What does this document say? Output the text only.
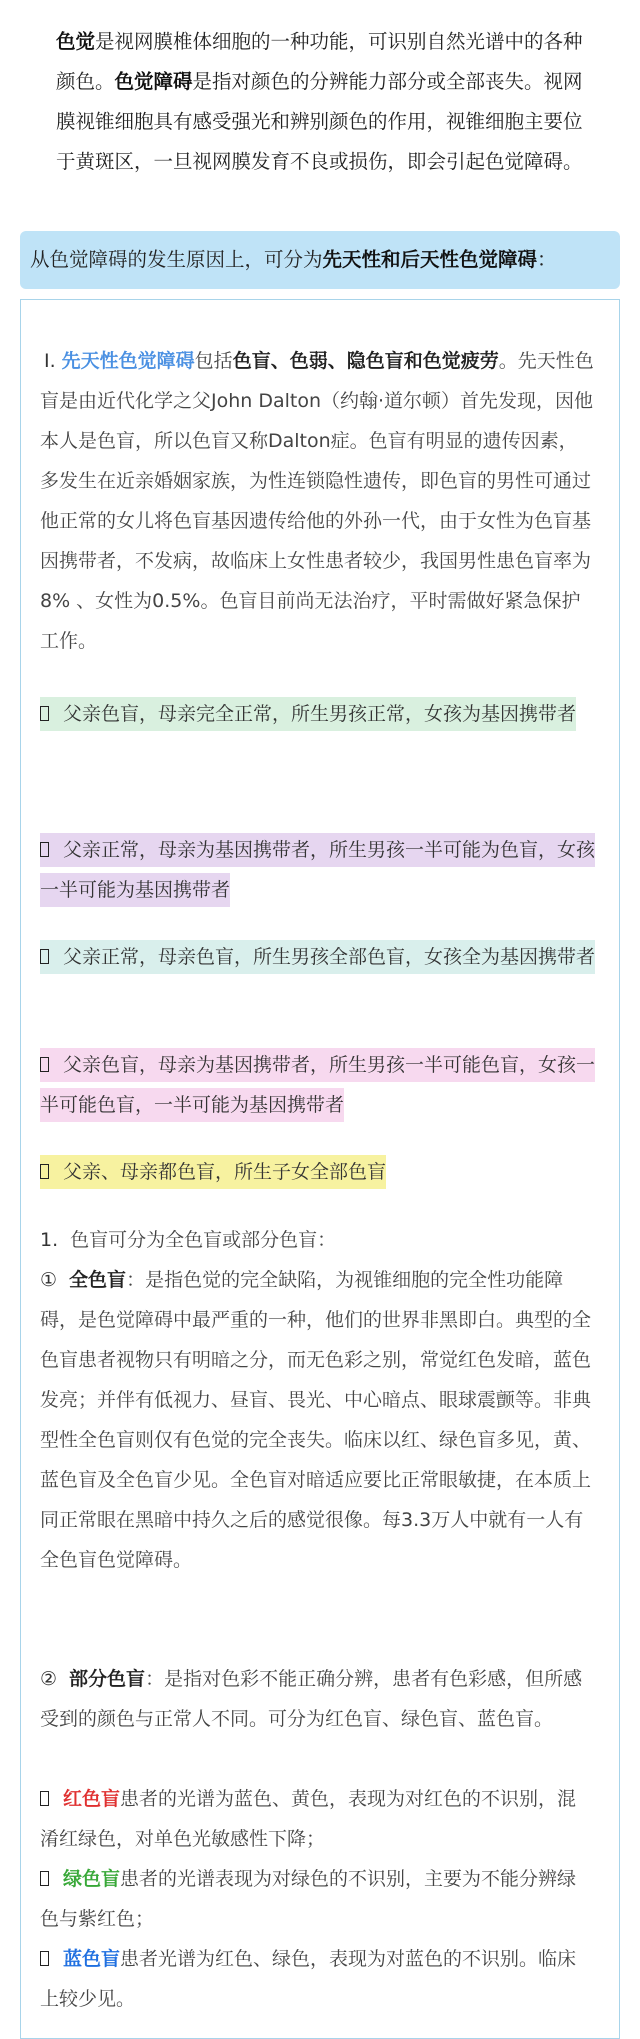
色觉是视网膜椎体细胞的一种功能，可识别自然光谱中的各种颜色。色觉障碍是指对颜色的分辨能力部分或全部丧失。视网膜视锥细胞具有感受强光和辨别颜色的作用，视锥细胞主要位于黄斑区，一旦视网膜发育不良或损伤，即会引起色觉障碍。
从色觉障碍的发生原因上，可分为先天性和后天性色觉障碍：
Ⅰ. 先天性色觉障碍包括色盲、色弱、隐色盲和色觉疲劳。先天性色盲是由近代化学之父John Dalton（约翰·道尔顿）首先发现，因他本人是色盲，所以色盲又称Dalton症。色盲有明显的遗传因素，多发生在近亲婚姻家族，为性连锁隐性遗传，即色盲的男性可通过他正常的女儿将色盲基因遗传给他的外孙一代，由于女性为色盲基因携带者，不发病，故临床上女性患者较少，我国男性患色盲率为8% 、女性为0.5%。色盲目前尚无法治疗，平时需做好紧急保护工作。
父亲色盲，母亲完全正常，所生男孩正常，女孩为基因携带者
父亲正常，母亲为基因携带者，所生男孩一半可能为色盲，女孩一半可能为基因携带者
父亲正常，母亲色盲，所生男孩全部色盲，女孩全为基因携带者
父亲色盲，母亲为基因携带者，所生男孩一半可能色盲，女孩一半可能色盲，一半可能为基因携带者
父亲、母亲都色盲，所生子女全部色盲
1. 色盲可分为全色盲或部分色盲：
① 全色盲：是指色觉的完全缺陷，为视锥细胞的完全性功能障碍，是色觉障碍中最严重的一种，他们的世界非黑即白。典型的全色盲患者视物只有明暗之分，而无色彩之别，常觉红色发暗，蓝色发亮；并伴有低视力、昼盲、畏光、中心暗点、眼球震颤等。非典型性全色盲则仅有色觉的完全丧失。临床以红、绿色盲多见，黄、蓝色盲及全色盲少见。全色盲对暗适应要比正常眼敏捷，在本质上同正常眼在黑暗中持久之后的感觉很像。每3.3万人中就有一人有全色盲色觉障碍。
② 部分色盲：是指对色彩不能正确分辨，患者有色彩感，但所感受到的颜色与正常人不同。可分为红色盲、绿色盲、蓝色盲。
红色盲患者的光谱为蓝色、黄色，表现为对红色的不识别，混淆红绿色，对单色光敏感性下降；
绿色盲患者的光谱表现为对绿色的不识别，主要为不能分辨绿色与紫红色；
蓝色盲患者光谱为红色、绿色，表现为对蓝色的不识别。临床上较少见。
